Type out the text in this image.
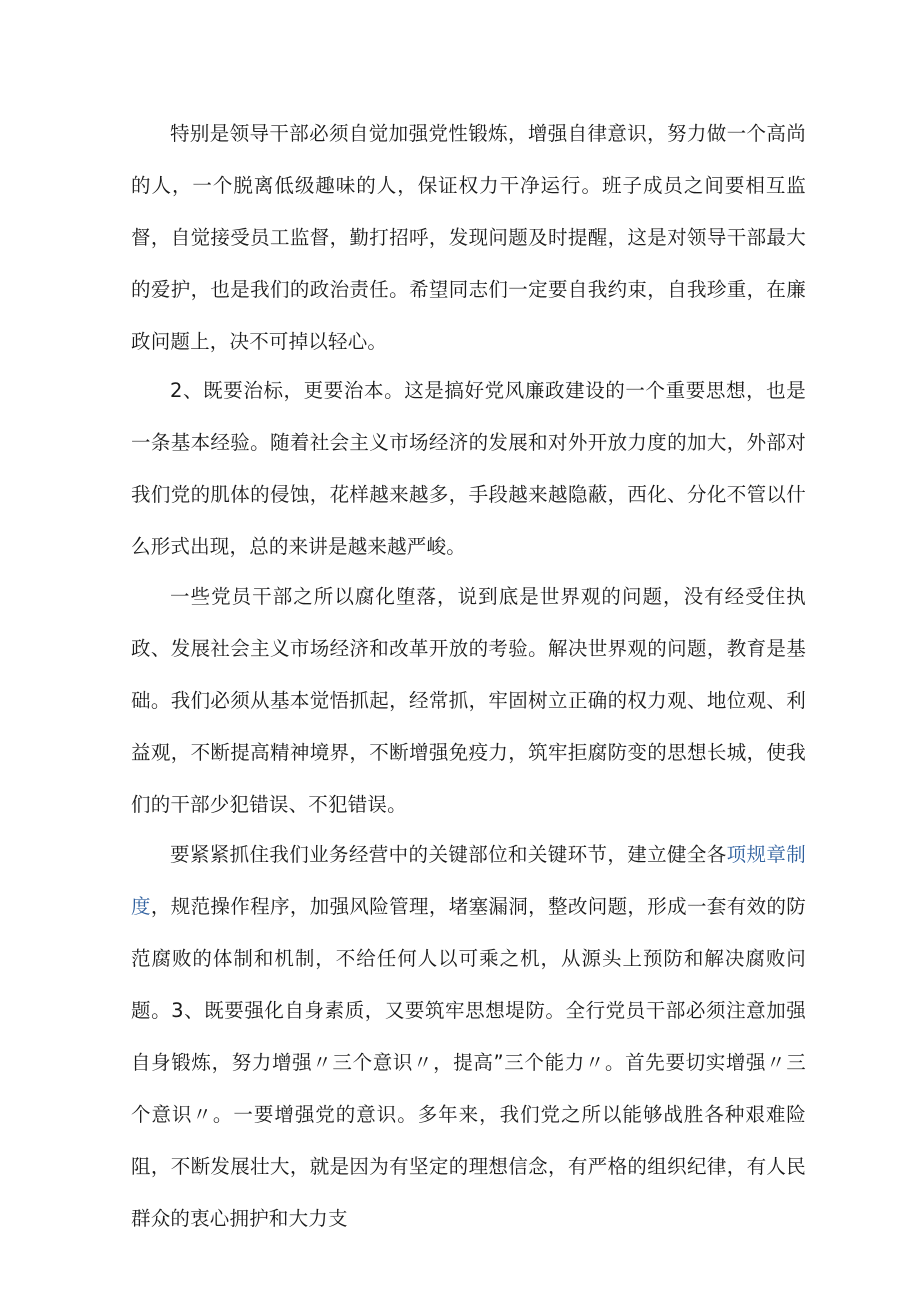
特别是领导干部必须自觉加强党性锻炼，增强自律意识，努力做一个高尚的人，一个脱离低级趣味的人，保证权力干净运行。班子成员之间要相互监督，自觉接受员工监督，勤打招呼，发现问题及时提醒，这是对领导干部最大的爱护，也是我们的政治责任。希望同志们一定要自我约束，自我珍重，在廉政问题上，决不可掉以轻心。

2、既要治标，更要治本。这是搞好党风廉政建设的一个重要思想，也是一条基本经验。随着社会主义市场经济的发展和对外开放力度的加大，外部对我们党的肌体的侵蚀，花样越来越多，手段越来越隐蔽，西化、分化不管以什么形式出现，总的来讲是越来越严峻。

一些党员干部之所以腐化堕落，说到底是世界观的问题，没有经受住执政、发展社会主义市场经济和改革开放的考验。解决世界观的问题，教育是基础。我们必须从基本觉悟抓起，经常抓，牢固树立正确的权力观、地位观、利益观，不断提高精神境界，不断增强免疫力，筑牢拒腐防变的思想长城，使我们的干部少犯错误、不犯错误。

要紧紧抓住我们业务经营中的关键部位和关键环节，建立健全各项规章制度，规范操作程序，加强风险管理，堵塞漏洞，整改问题，形成一套有效的防范腐败的体制和机制，不给任何人以可乘之机，从源头上预防和解决腐败问题。3、既要强化自身素质，又要筑牢思想堤防。全行党员干部必须注意加强自身锻炼，努力增强〃三个意识〃，提高”三个能力〃。首先要切实增强〃三个意识〃。一要增强党的意识。多年来，我们党之所以能够战胜各种艰难险阻，不断发展壮大，就是因为有坚定的理想信念，有严格的组织纪律，有人民群众的衷心拥护和大力支
